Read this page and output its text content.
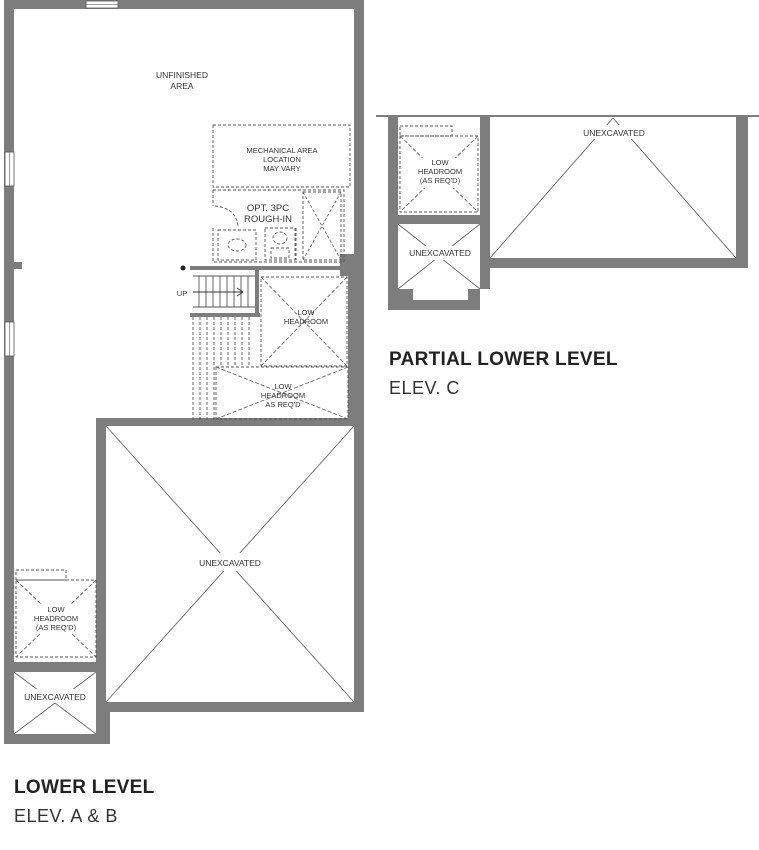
UNFINISHED
AREA
MECHANICAL AREA
LOCATION
MAY VARY
OPT. 3PC
ROUGH-IN
UP
LOW
HEADROOM
LOW
HEADROOM
AS REQ'D
UNEXCAVATED
LOW
HEADROOM
(AS REQ'D)
UNEXCAVATED
LOW
HEADROOM
(AS REQ'D)
UNEXCAVATED
UNEXCAVATED
PARTIAL LOWER LEVEL
ELEV. C
LOWER LEVEL
ELEV. A & B
